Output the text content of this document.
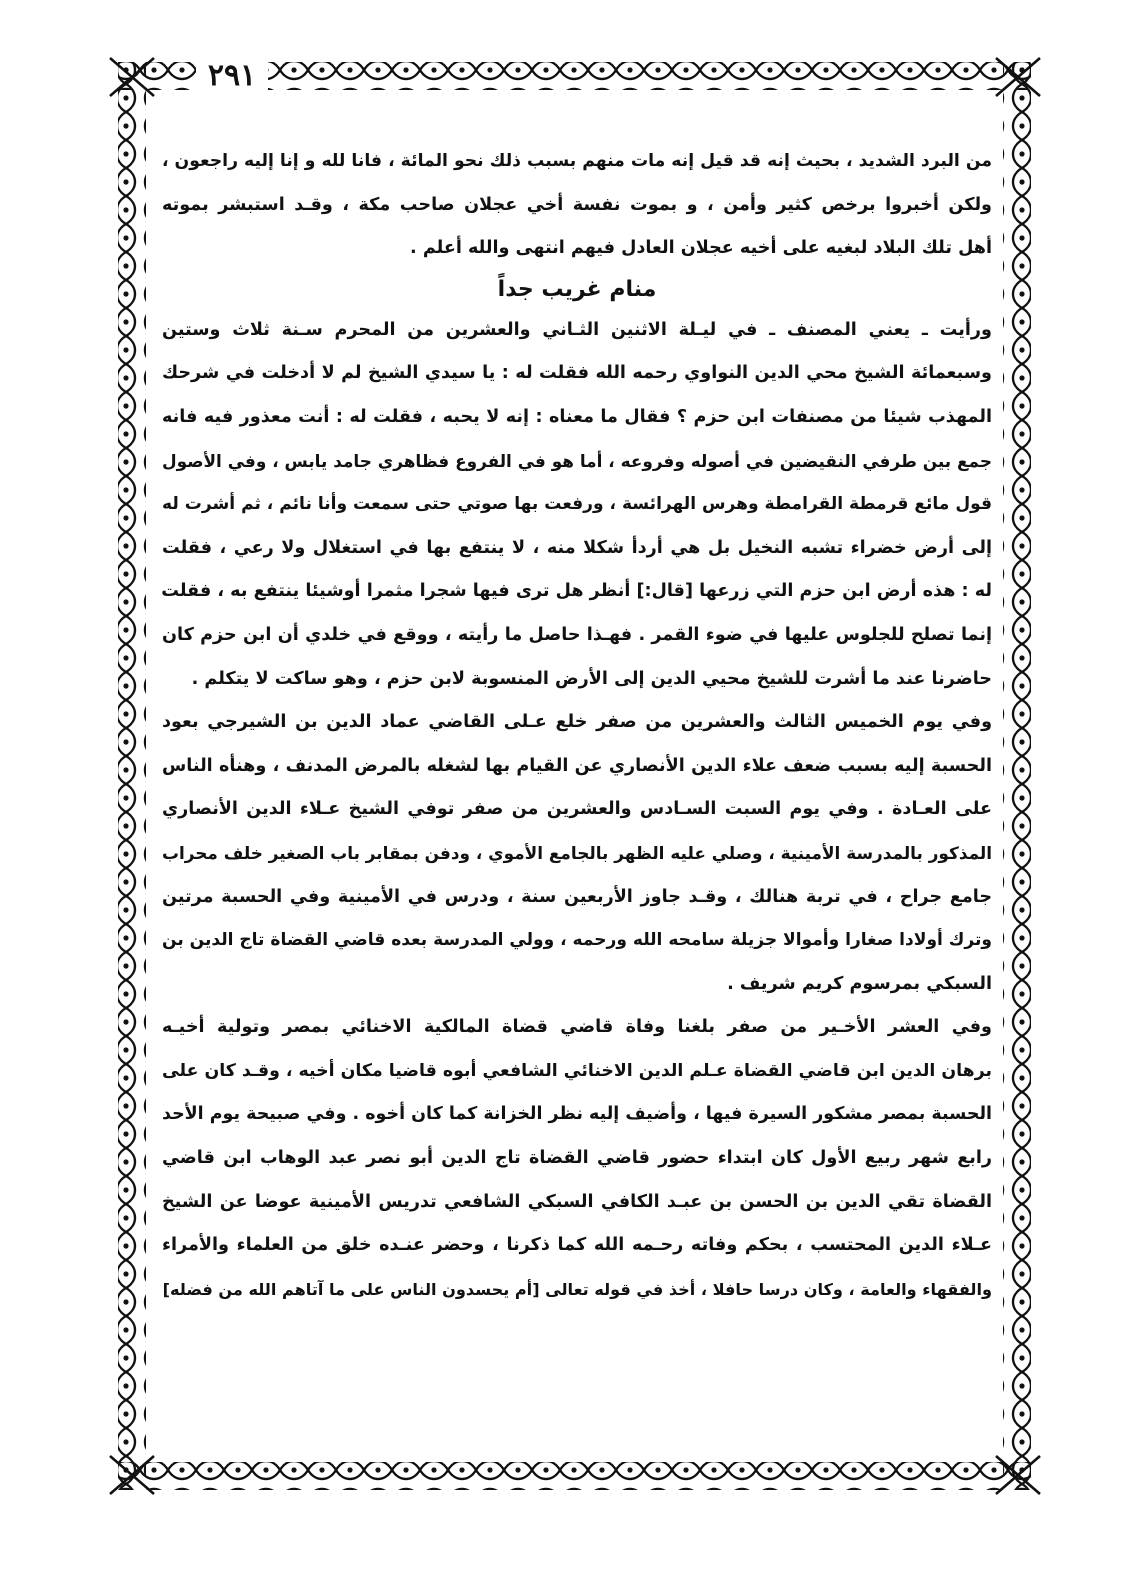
٢٩١
من البرد الشديد ، بحيث إنه قد قيل إنه مات منهم بسبب ذلك نحو المائة ، فانا لله و إنا إليه راجعون ،
ولكن أخبروا برخص كثير وأمن ، و بموت نفسة أخي عجلان صاحب مكة ، وقـد استبشر بموته
أهل تلك البلاد لبغيه على أخيه عجلان العادل فيهم انتهى والله أعلم .
منام غريب جداً
ورأيت ـ يعني المصنف ـ في ليـلة الاثنين الثـاني والعشرين من المحرم سـنة ثلاث وستين
وسبعمائة الشيخ محي الدين النواوي رحمه الله فقلت له : يا سيدي الشيخ لم لا أدخلت في شرحك
المهذب شيئا من مصنفات ابن حزم ؟ فقال ما معناه : إنه لا يحبه ، فقلت له : أنت معذور فيه فانه
جمع بين طرفي النقيضين في أصوله وفروعه ، أما هو في الفروع فظاهري جامد يابس ، وفي الأصول
قول مائع قرمطة القرامطة وهرس الهرائسة ، ورفعت بها صوتي حتى سمعت وأنا نائم ، ثم أشرت له
إلى أرض خضراء تشبه النخيل بل هي أردأ شكلا منه ، لا ينتفع بها في استغلال ولا رعي ، فقلت
له : هذه أرض ابن حزم التي زرعها [قال:] أنظر هل ترى فيها شجرا مثمرا أوشيئا ينتفع به ، فقلت
إنما تصلح للجلوس عليها في ضوء القمر . فهـذا حاصل ما رأيته ، ووقع في خلدي أن ابن حزم كان
حاضرنا عند ما أشرت للشيخ محيي الدين إلى الأرض المنسوبة لابن حزم ، وهو ساكت لا يتكلم .
وفي يوم الخميس الثالث والعشرين من صفر خلع عـلى القاضي عماد الدين بن الشيرجي بعود
الحسبة إليه بسبب ضعف علاء الدين الأنصاري عن القيام بها لشغله بالمرض المدنف ، وهنأه الناس
على العـادة . وفي يوم السبت السـادس والعشرين من صفر توفي الشيخ عـلاء الدين الأنصاري
المذكور بالمدرسة الأمينية ، وصلي عليه الظهر بالجامع الأموي ، ودفن بمقابر باب الصغير خلف محراب
جامع جراح ، في تربة هنالك ، وقـد جاوز الأربعين سنة ، ودرس في الأمينية وفي الحسبة مرتين
وترك أولادا صغارا وأموالا جزيلة سامحه الله ورحمه ، وولي المدرسة بعده قاضي القضاة تاج الدين بن
السبكي بمرسوم كريم شريف .
وفي العشر الأخـير من صفر بلغنا وفاة قاضي قضاة المالكية الاخنائي بمصر وتولية أخيـه
برهان الدين ابن قاضي القضاة عـلم الدين الاخنائي الشافعي أبوه قاضيا مكان أخيه ، وقـد كان على
الحسبة بمصر مشكور السيرة فيها ، وأضيف إليه نظر الخزانة كما كان أخوه . وفي صبيحة يوم الأحد
رابع شهر ربيع الأول كان ابتداء حضور قاضي القضاة تاج الدين أبو نصر عبد الوهاب ابن قاضي
القضاة تقي الدين بن الحسن بن عبـد الكافي السبكي الشافعي تدريس الأمينية عوضا عن الشيخ
عـلاء الدين المحتسب ، بحكم وفاته رحـمه الله كما ذكرنا ، وحضر عنـده خلق من العلماء والأمراء
والفقهاء والعامة ، وكان درسا حافلا ، أخذ في قوله تعالى [أم يحسدون الناس على ما آتاهم الله من فضله]
